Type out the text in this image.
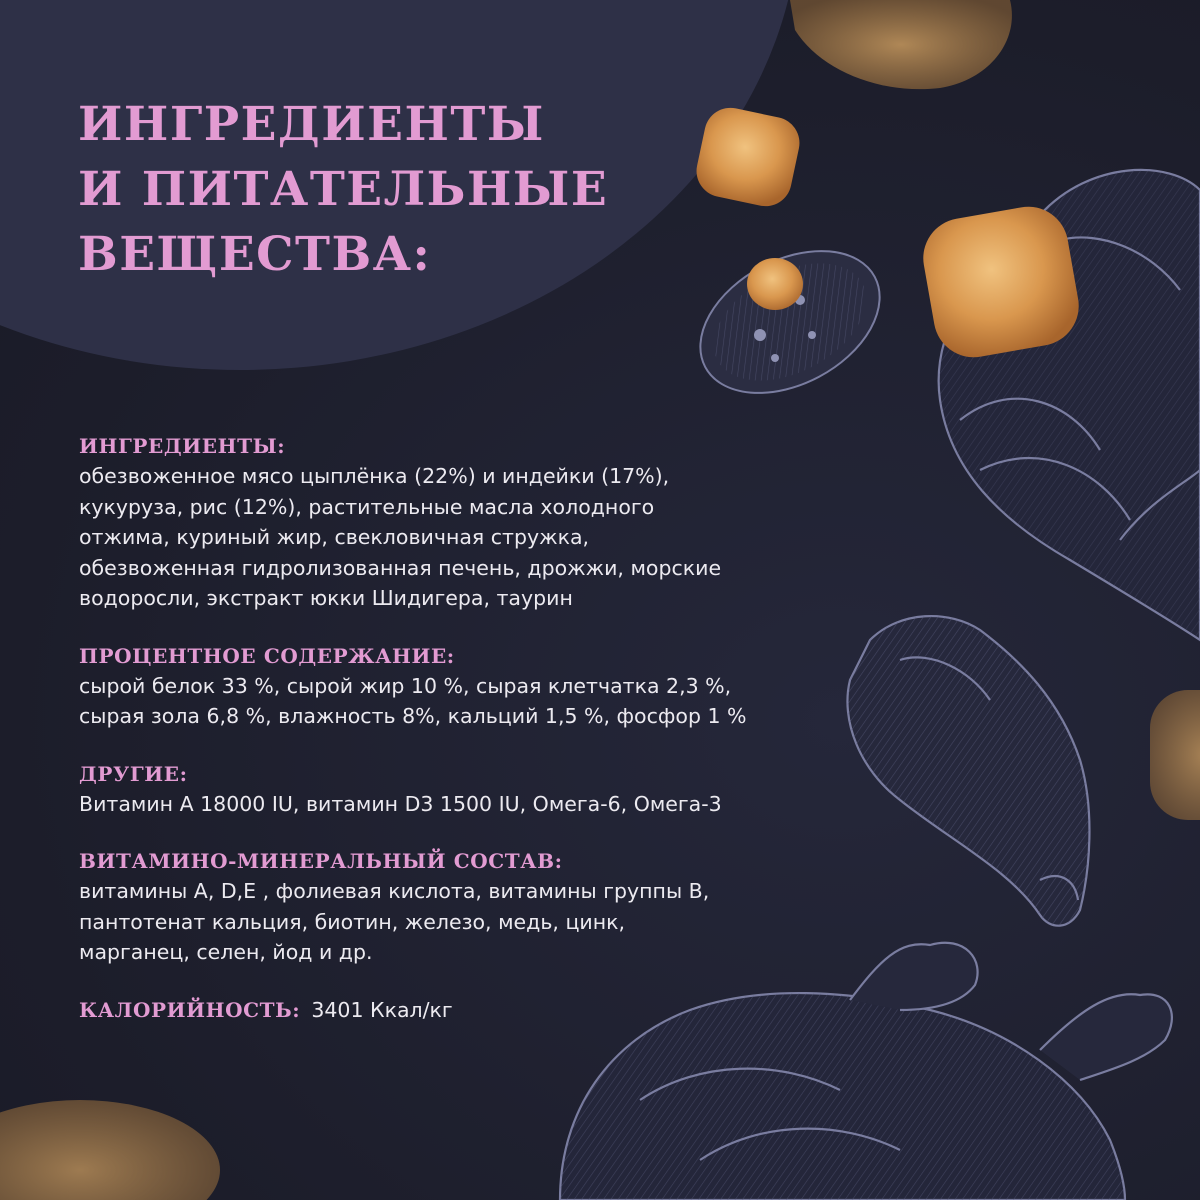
ИНГРЕДИЕНТЫ
И ПИТАТЕЛЬНЫЕ
ВЕЩЕСТВА:
ИНГРЕДИЕНТЫ:
обезвоженное мясо цыплёнка (22%) и индейки (17%),
кукуруза, рис (12%), растительные масла холодного
отжима, куриный жир, свекловичная стружка,
обезвоженная гидролизованная печень, дрожжи, морские
водоросли, экстракт юкки Шидигера, таурин
ПРОЦЕНТНОЕ СОДЕРЖАНИЕ:
сырой белок 33 %, сырой жир 10 %, сырая клетчатка 2,3 %,
сырая зола 6,8 %, влажность 8%, кальций 1,5 %, фосфор 1 %
ДРУГИЕ:
Витамин А 18000 IU, витамин D3 1500 IU, Омега-6, Омега-3
ВИТАМИНО-МИНЕРАЛЬНЫЙ СОСТАВ:
витамины A, D,E , фолиевая кислота, витамины группы B,
пантотенат кальция, биотин, железо, медь, цинк,
марганец, селен, йод и др.
КАЛОРИЙНОСТЬ: 3401 Ккал/кг
